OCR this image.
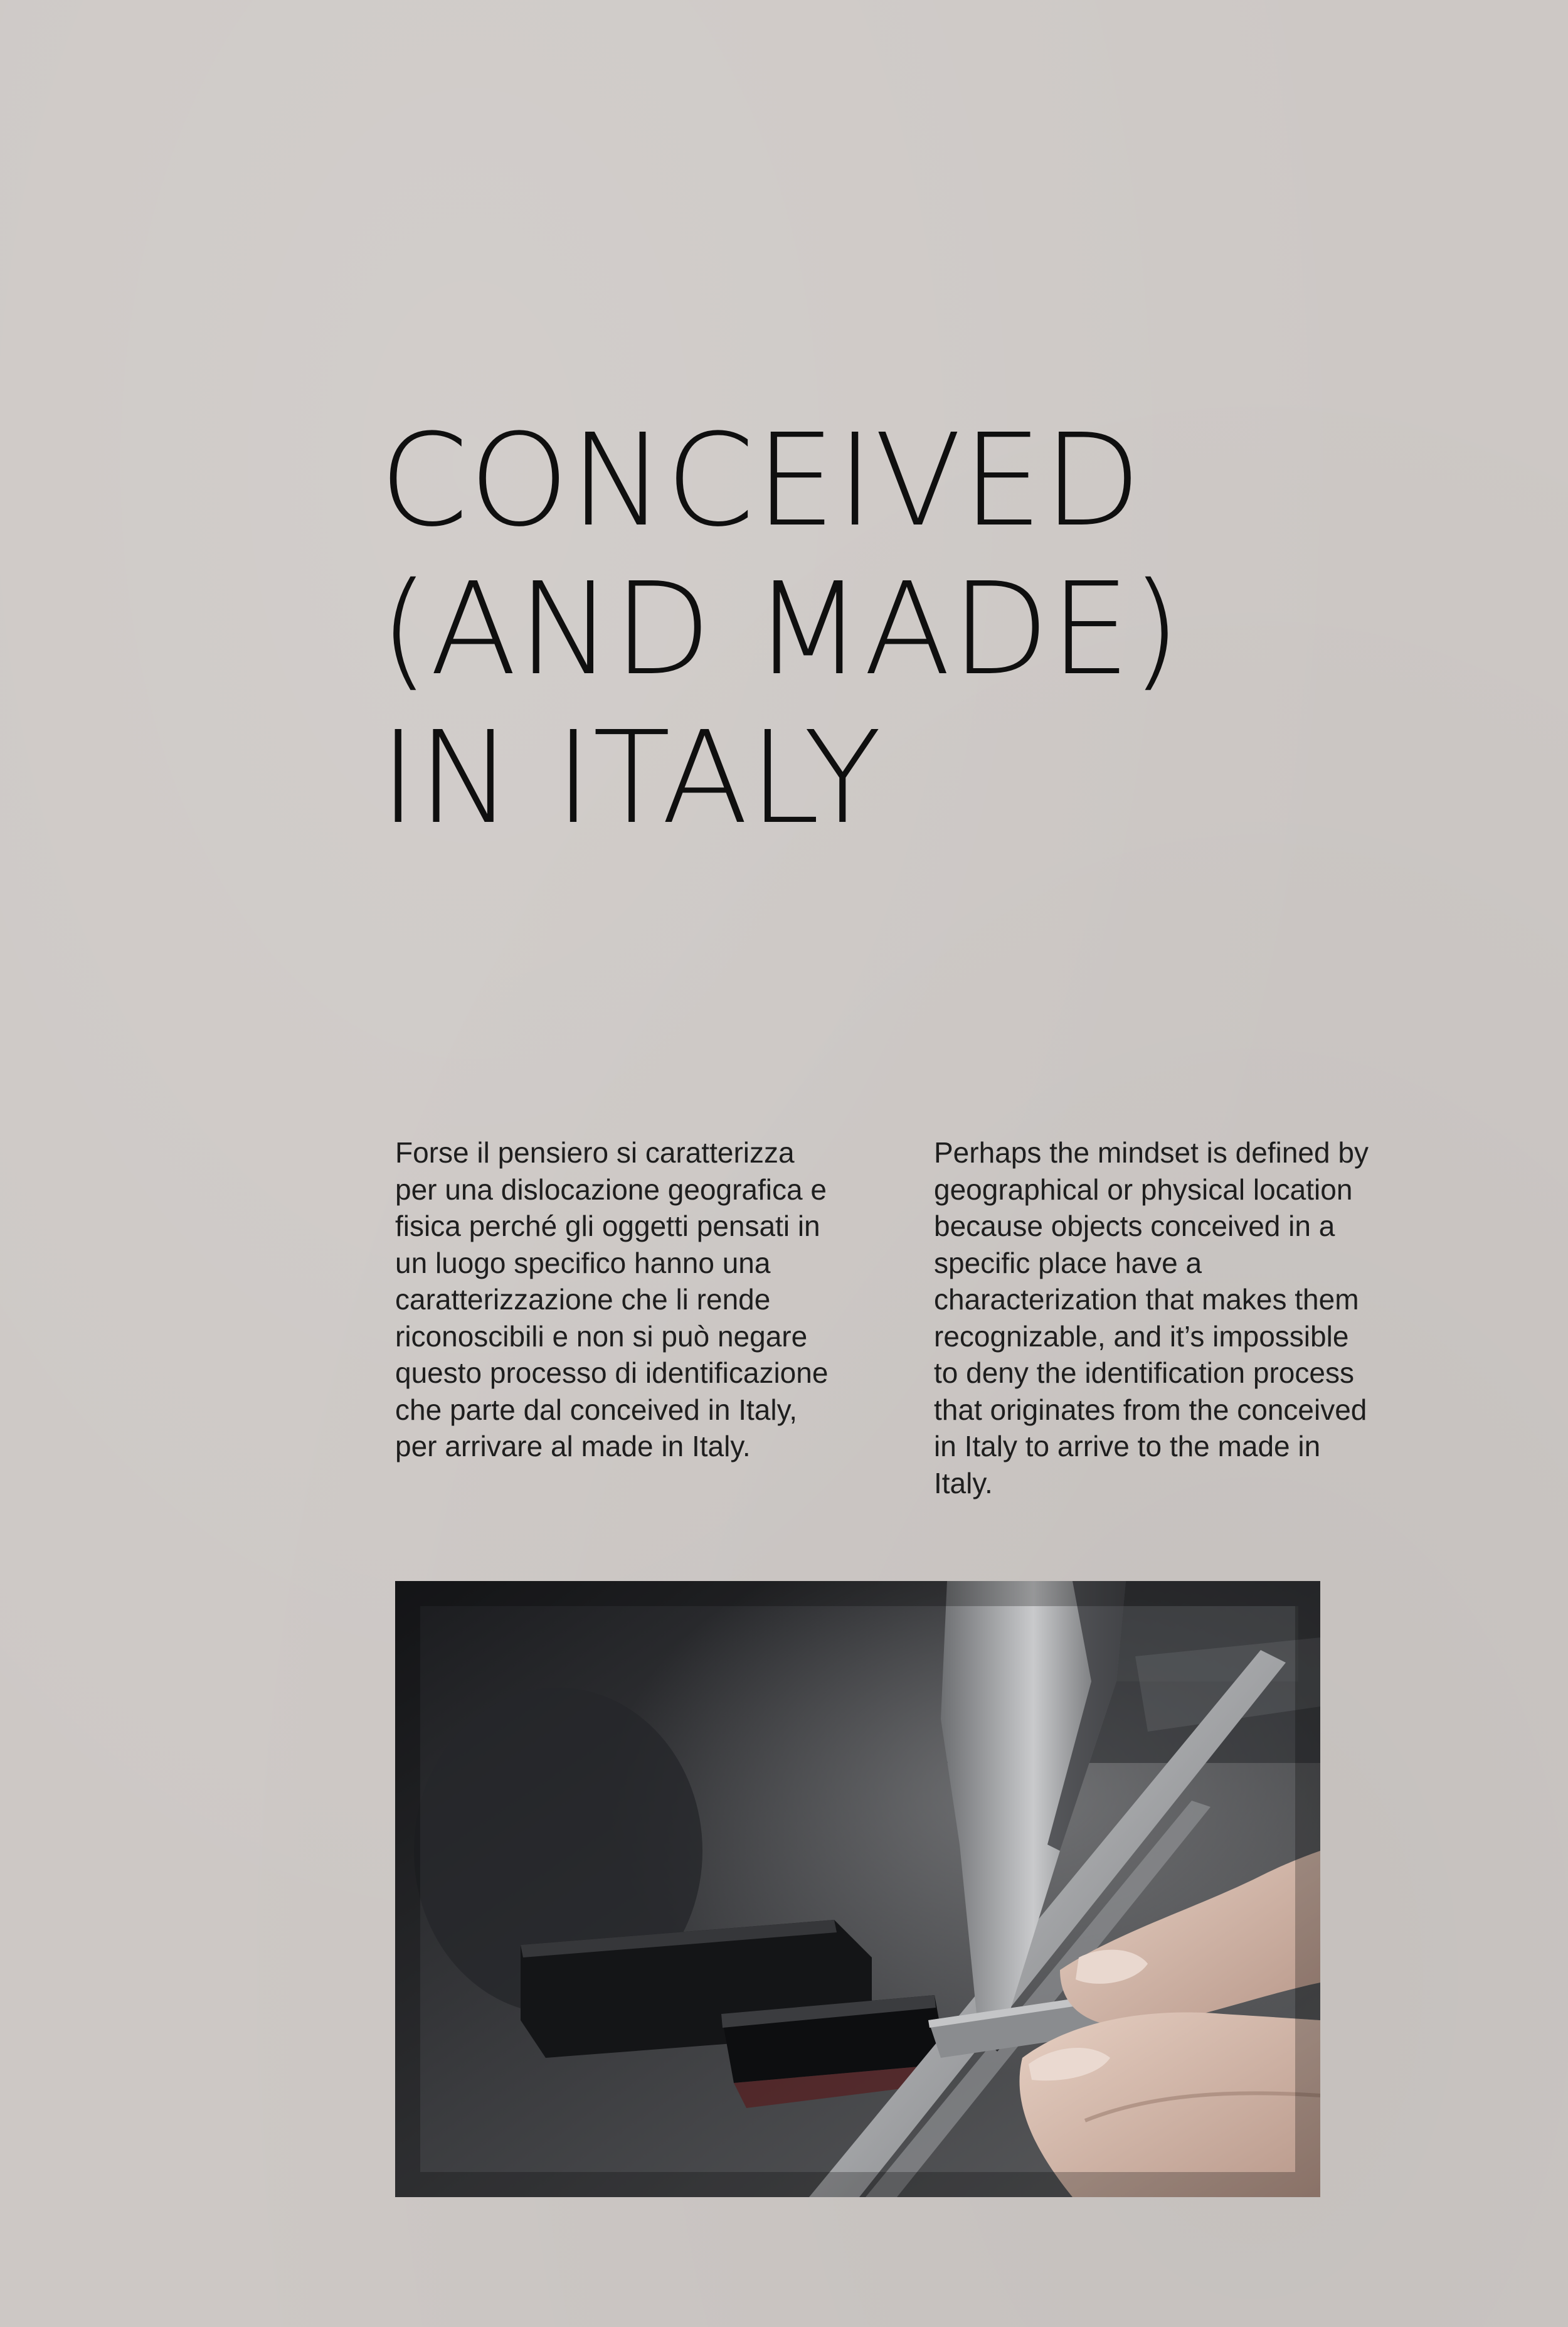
CONCEIVED
(AND MADE)
IN ITALY

Forse il pensiero si caratterizza
per una dislocazione geografica e
fisica perché gli oggetti pensati in
un luogo specifico hanno una
caratterizzazione che li rende
riconoscibili e non si può negare
questo processo di identificazione
che parte dal conceived in Italy,
per arrivare al made in Italy.

Perhaps the mindset is defined by
geographical or physical location
because objects conceived in a
specific place have a
characterization that makes them
recognizable, and it’s impossible
to deny the identification process
that originates from the conceived
in Italy to arrive to the made in
Italy.
